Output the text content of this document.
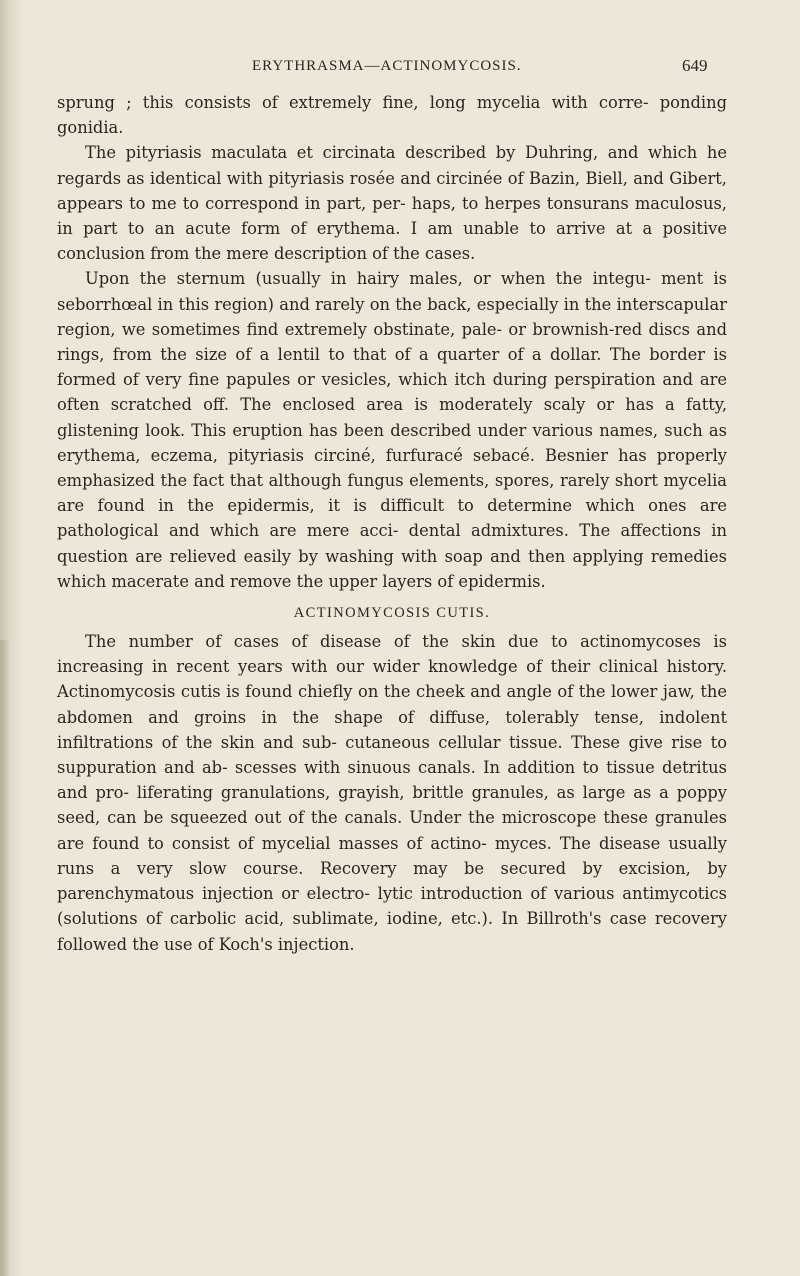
ERYTHRASMA—ACTINOMYCOSIS.	649

sprung ; this consists of extremely fine, long mycelia with corre- ponding gonidia.

The pityriasis maculata et circinata described by Duhring, and which he regards as identical with pityriasis rosée and circinée of Bazin, Biell, and Gibert, appears to me to correspond in part, per- haps, to herpes tonsurans maculosus, in part to an acute form of erythema. I am unable to arrive at a positive conclusion from the mere description of the cases.

Upon the sternum (usually in hairy males, or when the integu- ment is seborrhœal in this region) and rarely on the back, especially in the interscapular region, we sometimes find extremely obstinate, pale- or brownish-red discs and rings, from the size of a lentil to that of a quarter of a dollar. The border is formed of very fine papules or vesicles, which itch during perspiration and are often scratched off. The enclosed area is moderately scaly or has a fatty, glistening look. This eruption has been described under various names, such as erythema, eczema, pityriasis circiné, furfuracé sebacé. Besnier has properly emphasized the fact that although fungus elements, spores, rarely short mycelia are found in the epidermis, it is difficult to determine which ones are pathological and which are mere acci- dental admixtures. The affections in question are relieved easily by washing with soap and then applying remedies which macerate and remove the upper layers of epidermis.

ACTINOMYCOSIS CUTIS.

The number of cases of disease of the skin due to actinomycoses is increasing in recent years with our wider knowledge of their clinical history. Actinomycosis cutis is found chiefly on the cheek and angle of the lower jaw, the abdomen and groins in the shape of diffuse, tolerably tense, indolent infiltrations of the skin and sub- cutaneous cellular tissue. These give rise to suppuration and ab- scesses with sinuous canals. In addition to tissue detritus and pro- liferating granulations, grayish, brittle granules, as large as a poppy seed, can be squeezed out of the canals. Under the microscope these granules are found to consist of mycelial masses of actino- myces. The disease usually runs a very slow course. Recovery may be secured by excision, by parenchymatous injection or electro- lytic introduction of various antimycotics (solutions of carbolic acid, sublimate, iodine, etc.). In Billroth's case recovery followed the use of Koch's injection.
